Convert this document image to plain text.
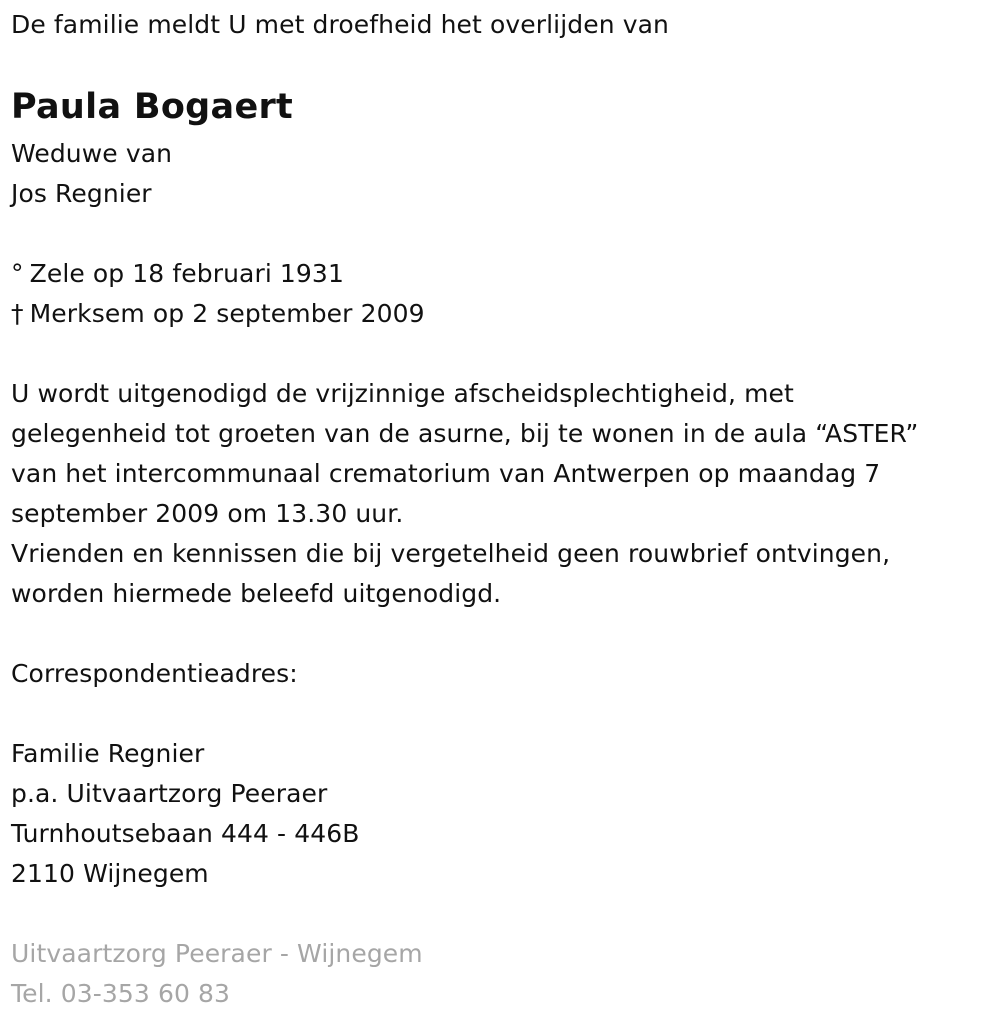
De familie meldt U met droefheid het overlijden van
Paula Bogaert
Weduwe van
Jos Regnier
° Zele op 18 februari 1931
† Merksem op 2 september 2009
U wordt uitgenodigd de vrijzinnige afscheidsplechtigheid, met
gelegenheid tot groeten van de asurne, bij te wonen in de aula “ASTER”
van het intercommunaal crematorium van Antwerpen op maandag 7
september 2009 om 13.30 uur.
Vrienden en kennissen die bij vergetelheid geen rouwbrief ontvingen,
worden hiermede beleefd uitgenodigd.
Correspondentieadres:
Familie Regnier
p.a. Uitvaartzorg Peeraer
Turnhoutsebaan 444 - 446B
2110 Wijnegem
Uitvaartzorg Peeraer - Wijnegem
Tel. 03-353 60 83
